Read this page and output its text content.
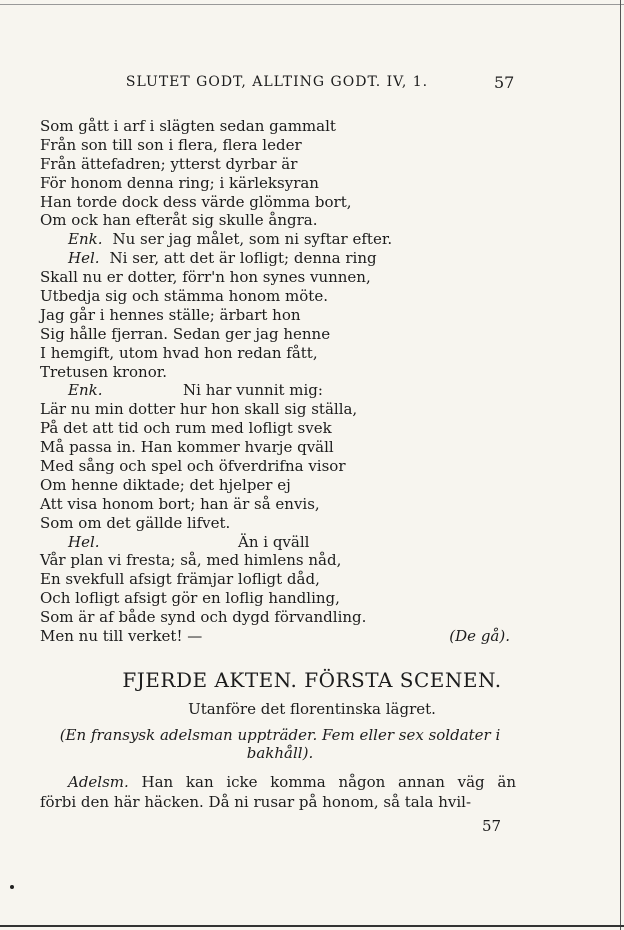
SLUTET GODT, ALLTING GODT. IV, 1.	57
Som gått i arf i slägten sedan gammalt
Från son till son i flera, flera leder
Från ättefadren; ytterst dyrbar är
För honom denna ring; i kärleksyran
Han torde dock dess värde glömma bort,
Om ock han efteråt sig skulle ångra.
Enk. Nu ser jag målet, som ni syftar efter.
Hel. Ni ser, att det är lofligt; denna ring
Skall nu er dotter, förr'n hon synes vunnen,
Utbedja sig och stämma honom möte.
Jag går i hennes ställe; ärbart hon
Sig hålle fjerran. Sedan ger jag henne
I hemgift, utom hvad hon redan fått,
Tretusen kronor.
Enk.	Ni har vunnit mig:
Lär nu min dotter hur hon skall sig ställa,
På det att tid och rum med lofligt svek
Må passa in. Han kommer hvarje qväll
Med sång och spel och öfverdrifna visor
Om henne diktade; det hjelper ej
Att visa honom bort; han är så envis,
Som om det gällde lifvet.
Hel.	Än i qväll
Vår plan vi fresta; så, med himlens nåd,
En svekfull afsigt främjar lofligt dåd,
Och lofligt afsigt gör en loflig handling,
Som är af både synd och dygd förvandling.
Men nu till verket! —	(De gå).
FJERDE AKTEN. FÖRSTA SCENEN.
Utanföre det florentinska lägret.
(En fransysk adelsman uppträder. Fem eller sex soldater i bakhåll).
Adelsm. Han kan icke komma någon annan väg än
förbi den här häcken. Då ni rusar på honom, så tala hvil-
57
